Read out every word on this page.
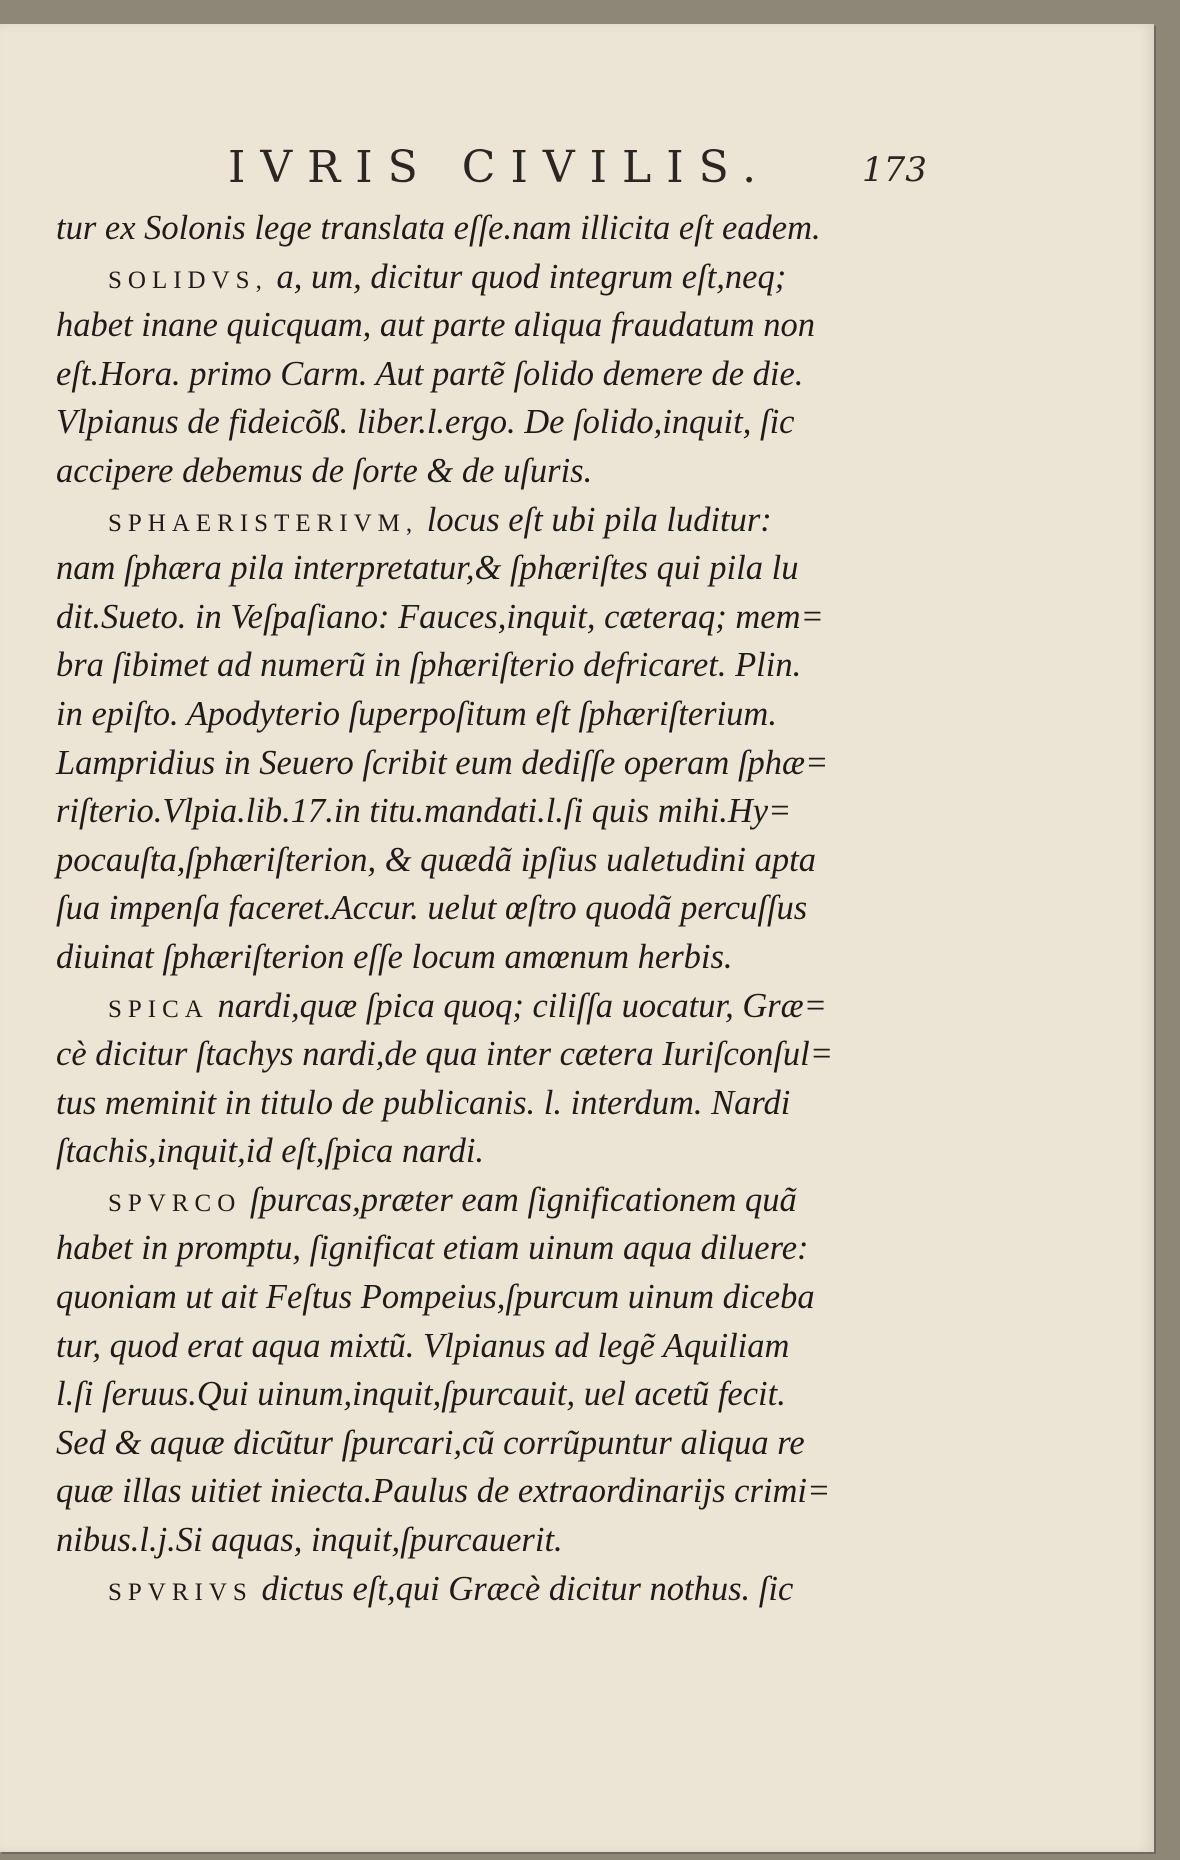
IVRIS CIVILIS.	173
tur ex Solonis lege translata eſſe.nam illicita eſt eadem.
SOLIDVS, a, um, dicitur quod integrum eſt,neq;
habet inane quicquam, aut parte aliqua fraudatum non
eſt.Hora. primo Carm. Aut partẽ ſolido demere de die.
Vlpianus de fideicõß. liber.l.ergo. De ſolido,inquit, ſic
accipere debemus de ſorte & de uſuris.
SPHAERISTERIVM, locus eſt ubi pila luditur:
nam ſphæra pila interpretatur,& ſphæriſtes qui pila lu
dit.Sueto. in Veſpaſiano: Fauces,inquit, cæteraq; mem=
bra ſibimet ad numerũ in ſphæriſterio defricaret. Plin.
in epiſto. Apodyterio ſuperpoſitum eſt ſphæriſterium.
Lampridius in Seuero ſcribit eum dediſſe operam ſphæ=
riſterio.Vlpia.lib.17.in titu.mandati.l.ſi quis mihi.Hy=
pocauſta,ſphæriſterion, & quædã ipſius ualetudini apta
ſua impenſa faceret.Accur. uelut œſtro quodã percuſſus
diuinat ſphæriſterion eſſe locum amœnum herbis.
SPICA nardi,quæ ſpica quoq; ciliſſa uocatur, Græ=
cè dicitur ſtachys nardi,de qua inter cætera Iuriſconſul=
tus meminit in titulo de publicanis. l. interdum. Nardi
ſtachis,inquit,id eſt,ſpica nardi.
SPVRCO ſpurcas,præter eam ſignificationem quã
habet in promptu, ſignificat etiam uinum aqua diluere:
quoniam ut ait Feſtus Pompeius,ſpurcum uinum diceba
tur, quod erat aqua mixtũ. Vlpianus ad legẽ Aquiliam
l.ſi ſeruus.Qui uinum,inquit,ſpurcauit, uel acetũ fecit.
Sed & aquæ dicũtur ſpurcari,cũ corrũpuntur aliqua re
quæ illas uitiet iniecta.Paulus de extraordinarijs crimi=
nibus.l.j.Si aquas, inquit,ſpurcauerit.
SPVRIVS dictus eſt,qui Græcè dicitur nothus. ſic
